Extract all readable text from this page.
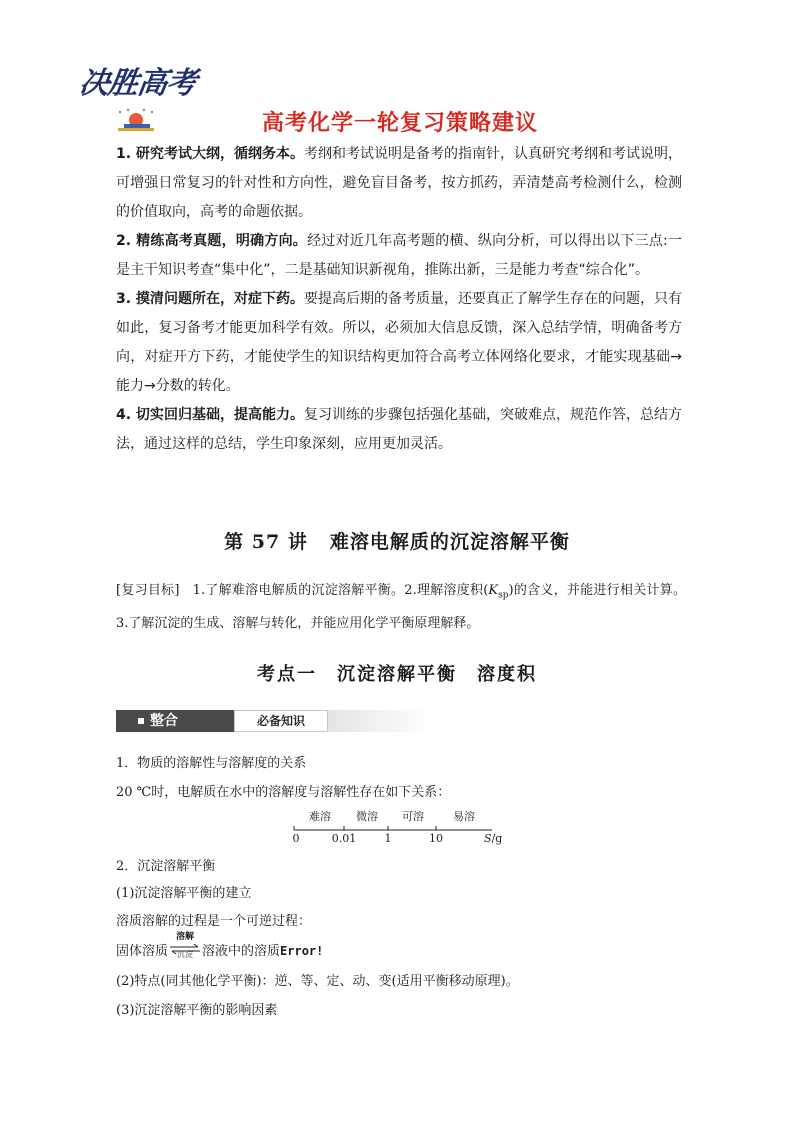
决胜高考
高考化学一轮复习策略建议

1. 研究考试大纲，循纲务本。考纲和考试说明是备考的指南针，认真研究考纲和考试说明，可增强日常复习的针对性和方向性，避免盲目备考，按方抓药，弄清楚高考检测什么，检测的价值取向，高考的命题依据。

2. 精练高考真题，明确方向。经过对近几年高考题的横、纵向分析，可以得出以下三点:一是主干知识考查“集中化”，二是基础知识新视角，推陈出新，三是能力考查“综合化”。

3. 摸清问题所在，对症下药。要提高后期的备考质量，还要真正了解学生存在的问题，只有如此，复习备考才能更加科学有效。所以，必须加大信息反馈，深入总结学情，明确备考方向，对症开方下药，才能使学生的知识结构更加符合高考立体网络化要求，才能实现基础→能力→分数的转化。

4. 切实回归基础，提高能力。复习训练的步骤包括强化基础，突破难点，规范作答，总结方法，通过这样的总结，学生印象深刻，应用更加灵活。

第 57 讲 难溶电解质的沉淀溶解平衡

[复习目标] 1.了解难溶电解质的沉淀溶解平衡。2.理解溶度积$(K_{sp})$的含义，并能进行相关计算。3.了解沉淀的生成、溶解与转化，并能应用化学平衡原理解释。

考点一 沉淀溶解平衡 溶度积
整合	必备知识
1．物质的溶解性与溶解度的关系
20 ℃时，电解质在水中的溶解度与溶解性存在如下关系：
难溶 微溶 可溶	易溶
0	0.01	1	10	S/g
2．沉淀溶解平衡
(1)沉淀溶解平衡的建立
溶质溶解的过程是一个可逆过程：
固体溶质
溶解
沉淀 溶液中的溶质Error!
(2)特点(同其他化学平衡)：逆、等、定、动、变(适用平衡移动原理)。
(3)沉淀溶解平衡的影响因素
